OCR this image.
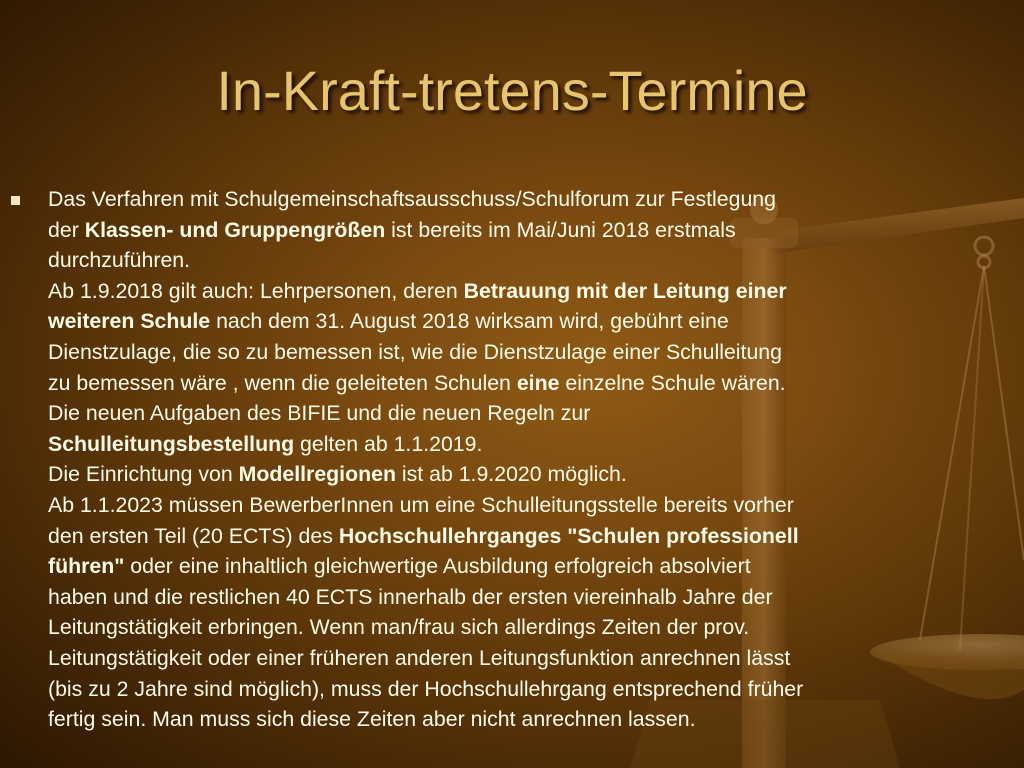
In-Kraft-tretens-Termine
Das Verfahren mit Schulgemeinschaftsausschuss/Schulforum zur Festlegung
der Klassen- und Gruppengrößen ist bereits im Mai/Juni 2018 erstmals
durchzuführen.
Ab 1.9.2018 gilt auch: Lehrpersonen, deren Betrauung mit der Leitung einer
weiteren Schule nach dem 31. August 2018 wirksam wird, gebührt eine
Dienstzulage, die so zu bemessen ist, wie die Dienstzulage einer Schulleitung
zu bemessen wäre , wenn die geleiteten Schulen eine einzelne Schule wären.
Die neuen Aufgaben des BIFIE und die neuen Regeln zur
Schulleitungsbestellung gelten ab 1.1.2019.
Die Einrichtung von Modellregionen ist ab 1.9.2020 möglich.
Ab 1.1.2023 müssen BewerberInnen um eine Schulleitungsstelle bereits vorher
den ersten Teil (20 ECTS) des Hochschullehrganges "Schulen professionell
führen" oder eine inhaltlich gleichwertige Ausbildung erfolgreich absolviert
haben und die restlichen 40 ECTS innerhalb der ersten viereinhalb Jahre der
Leitungstätigkeit erbringen. Wenn man/frau sich allerdings Zeiten der prov.
Leitungstätigkeit oder einer früheren anderen Leitungsfunktion anrechnen lässt
(bis zu 2 Jahre sind möglich), muss der Hochschullehrgang entsprechend früher
fertig sein. Man muss sich diese Zeiten aber nicht anrechnen lassen.
